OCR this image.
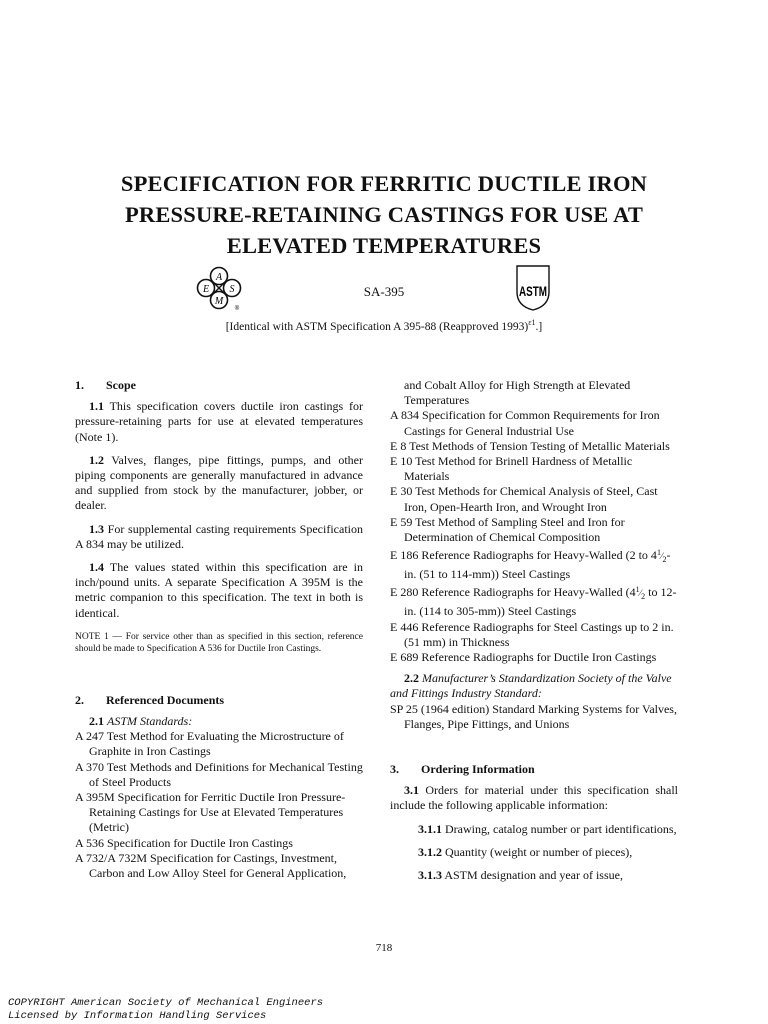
SPECIFICATION FOR FERRITIC DUCTILE IRON
PRESSURE-RETAINING CASTINGS FOR USE AT
ELEVATED TEMPERATURES
A
E S
M
®
SA-395	ASTM
[Identical with ASTM Specification A 395-88 (Reapproved 1993)$^{\varepsilon 1}$.]

1. Scope

1.1 This specification covers ductile iron castings for pressure-retaining parts for use at elevated temperatures (Note 1).

1.2 Valves, flanges, pipe fittings, pumps, and other piping components are generally manufactured in advance and supplied from stock by the manufacturer, jobber, or dealer.

1.3 For supplemental casting requirements Specification A 834 may be utilized.

1.4 The values stated within this specification are in inch/pound units. A separate Specification A 395M is the metric companion to this specification. The text in both is identical.

NOTE 1 — For service other than as specified in this section, reference should be made to Specification A 536 for Ductile Iron Castings.

2. Referenced Documents

2.1 ASTM Standards:

A 247 Test Method for Evaluating the Microstructure of Graphite in Iron Castings

A 370 Test Methods and Definitions for Mechanical Testing of Steel Products

A 395M Specification for Ferritic Ductile Iron Pressure-Retaining Castings for Use at Elevated Temperatures (Metric)

A 536 Specification for Ductile Iron Castings

A 732/A 732M Specification for Castings, Investment, Carbon and Low Alloy Steel for General Application,

and Cobalt Alloy for High Strength at Elevated Temperatures

A 834 Specification for Common Requirements for Iron Castings for General Industrial Use

E 8 Test Methods of Tension Testing of Metallic Materials

E 10 Test Method for Brinell Hardness of Metallic Materials

E 30 Test Methods for Chemical Analysis of Steel, Cast Iron, Open-Hearth Iron, and Wrought Iron

E 59 Test Method of Sampling Steel and Iron for Determination of Chemical Composition

E 186 Reference Radiographs for Heavy-Walled (2 to $4^1⁄_2-in$. (51 to 114-mm)) Steel Castings

E 280 Reference Radiographs for Heavy-Walled ($4^1⁄_2$ to 12-in. (114 to 305-mm)) Steel Castings

E 446 Reference Radiographs for Steel Castings up to 2 in. (51 mm) in Thickness

E 689 Reference Radiographs for Ductile Iron Castings

2.2 Manufacturer’s Standardization Society of the Valve and Fittings Industry Standard:

SP 25 (1964 edition) Standard Marking Systems for Valves, Flanges, Pipe Fittings, and Unions

3. Ordering Information

3.1 Orders for material under this specification shall include the following applicable information:

3.1.1 Drawing, catalog number or part identifications,

3.1.2 Quantity (weight or number of pieces),

3.1.3 ASTM designation and year of issue,

718
COPYRIGHT American Society of Mechanical Engineers
Licensed by Information Handling Services
